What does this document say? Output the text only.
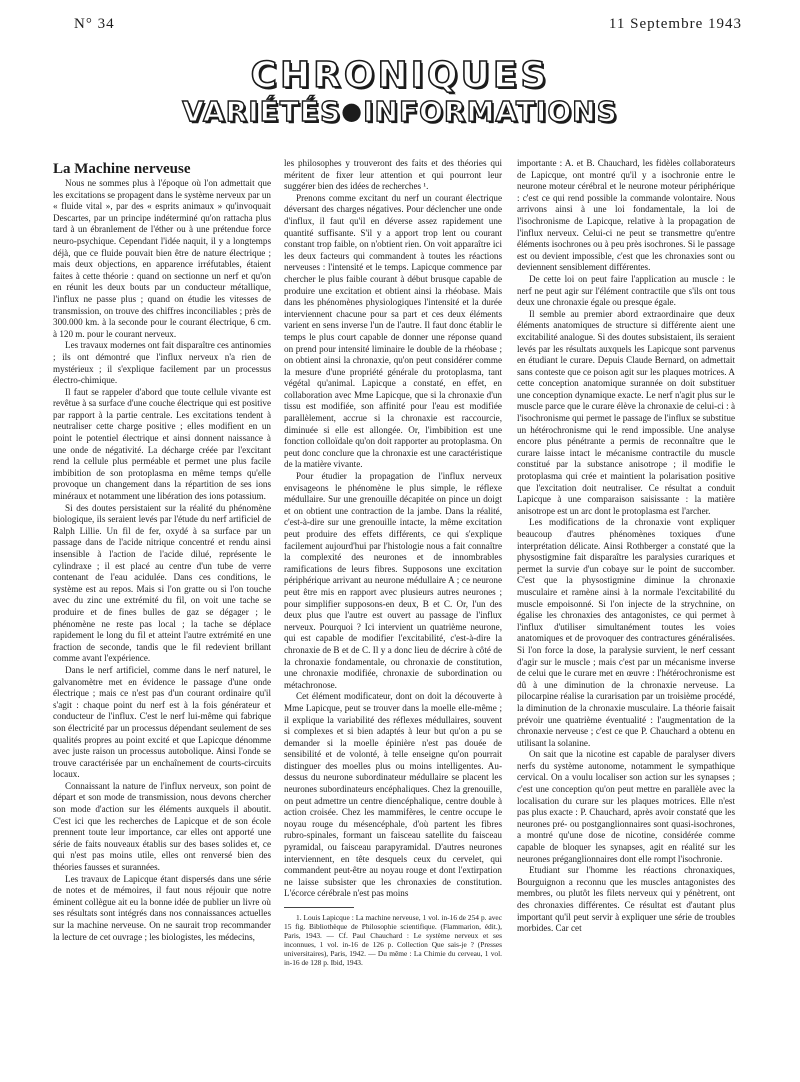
N° 34	11 Septembre 1943
CHRONIQUES
VARIÉTÉS●INFORMATIONS

La Machine nerveuse

Nous ne sommes plus à l'époque où l'on admettait que les excitations se propagent dans le système nerveux par un « fluide vital », par des « esprits animaux » qu'invoquait Descartes, par un principe indéterminé qu'on rattacha plus tard à un ébranlement de l'éther ou à une prétendue force neuro-psychique. Cependant l'idée naquit, il y a longtemps déjà, que ce fluide pouvait bien être de nature électrique ; mais deux objections, en apparence irréfutables, étaient faites à cette théorie : quand on sectionne un nerf et qu'on en réunit les deux bouts par un conducteur métallique, l'influx ne passe plus ; quand on étudie les vitesses de transmission, on trouve des chiffres inconciliables ; près de 300.000 km. à la seconde pour le courant électrique, 6 cm. à 120 m. pour le courant nerveux.

Les travaux modernes ont fait disparaître ces antinomies ; ils ont démontré que l'influx nerveux n'a rien de mystérieux ; il s'explique facilement par un processus électro-chimique.

Il faut se rappeler d'abord que toute cellule vivante est revêtue à sa surface d'une couche électrique qui est positive par rapport à la partie centrale. Les excitations tendent à neutraliser cette charge positive ; elles modifient en un point le potentiel électrique et ainsi donnent naissance à une onde de négativité. La décharge créée par l'excitant rend la cellule plus perméable et permet une plus facile imbibition de son protoplasma en même temps qu'elle provoque un changement dans la répartition de ses ions minéraux et notamment une libération des ions potassium.

Si des doutes persistaient sur la réalité du phénomène biologique, ils seraient levés par l'étude du nerf artificiel de Ralph Lillie. Un fil de fer, oxydé à sa surface par un passage dans de l'acide nitrique concentré et rendu ainsi insensible à l'action de l'acide dilué, représente le cylindraxe ; il est placé au centre d'un tube de verre contenant de l'eau acidulée. Dans ces conditions, le système est au repos. Mais si l'on gratte ou si l'on touche avec du zinc une extrémité du fil, on voit une tache se produire et de fines bulles de gaz se dégager ; le phénomène ne reste pas local ; la tache se déplace rapidement le long du fil et atteint l'autre extrémité en une fraction de seconde, tandis que le fil redevient brillant comme avant l'expérience.

Dans le nerf artificiel, comme dans le nerf naturel, le galvanomètre met en évidence le passage d'une onde électrique ; mais ce n'est pas d'un courant ordinaire qu'il s'agit : chaque point du nerf est à la fois générateur et conducteur de l'influx. C'est le nerf lui-même qui fabrique son électricité par un processus dépendant seulement de ses qualités propres au point excité et que Lapicque dénomme avec juste raison un processus autobolique. Ainsi l'onde se trouve caractérisée par un enchaînement de courts-circuits locaux.

Connaissant la nature de l'influx nerveux, son point de départ et son mode de transmission, nous devons chercher son mode d'action sur les éléments auxquels il aboutit. C'est ici que les recherches de Lapicque et de son école prennent toute leur importance, car elles ont apporté une série de faits nouveaux établis sur des bases solides et, ce qui n'est pas moins utile, elles ont renversé bien des théories fausses et surannées.

Les travaux de Lapicque étant dispersés dans une série de notes et de mémoires, il faut nous réjouir que notre éminent collègue ait eu la bonne idée de publier un livre où ses résultats sont intégrés dans nos connaissances actuelles sur la machine nerveuse. On ne saurait trop recommander la lecture de cet ouvrage ; les biologistes, les médecins,

les philosophes y trouveront des faits et des théories qui méritent de fixer leur attention et qui pourront leur suggérer bien des idées de recherches ¹.

Prenons comme excitant du nerf un courant électrique déversant des charges négatives. Pour déclencher une onde d'influx, il faut qu'il en déverse assez rapidement une quantité suffisante. S'il y a apport trop lent ou courant constant trop faible, on n'obtient rien. On voit apparaître ici les deux facteurs qui commandent à toutes les réactions nerveuses : l'intensité et le temps. Lapicque commence par chercher le plus faible courant à début brusque capable de produire une excitation et obtient ainsi la rhéobase. Mais dans les phénomènes physiologiques l'intensité et la durée interviennent chacune pour sa part et ces deux éléments varient en sens inverse l'un de l'autre. Il faut donc établir le temps le plus court capable de donner une réponse quand on prend pour intensité liminaire le double de la rhéobase ; on obtient ainsi la chronaxie, qu'on peut considérer comme la mesure d'une propriété générale du protoplasma, tant végétal qu'animal. Lapicque a constaté, en effet, en collaboration avec Mme Lapicque, que si la chronaxie d'un tissu est modifiée, son affinité pour l'eau est modifiée parallèlement, accrue si la chronaxie est raccourcie, diminuée si elle est allongée. Or, l'imbibition est une fonction colloïdale qu'on doit rapporter au protoplasma. On peut donc conclure que la chronaxie est une caractéristique de la matière vivante.

Pour étudier la propagation de l'influx nerveux envisageons le phénomène le plus simple, le réflexe médullaire. Sur une grenouille décapitée on pince un doigt et on obtient une contraction de la jambe. Dans la réalité, c'est-à-dire sur une grenouille intacte, la même excitation peut produire des effets différents, ce qui s'explique facilement aujourd'hui par l'histologie nous a fait connaître la complexité des neurones et de innombrables ramifications de leurs fibres. Supposons une excitation périphérique arrivant au neurone médullaire A ; ce neurone peut être mis en rapport avec plusieurs autres neurones ; pour simplifier supposons-en deux, B et C. Or, l'un des deux plus que l'autre est ouvert au passage de l'influx nerveux. Pourquoi ? Ici intervient un quatrième neurone, qui est capable de modifier l'excitabilité, c'est-à-dire la chronaxie de B et de C. Il y a donc lieu de décrire à côté de la chronaxie fondamentale, ou chronaxie de constitution, une chronaxie modifiée, chronaxie de subordination ou métachronose.

Cet élément modificateur, dont on doit la découverte à Mme Lapicque, peut se trouver dans la moelle elle-même ; il explique la variabilité des réflexes médullaires, souvent si complexes et si bien adaptés à leur but qu'on a pu se demander si la moelle épinière n'est pas douée de sensibilité et de volonté, à telle enseigne qu'on pourrait distinguer des moelles plus ou moins intelligentes. Au-dessus du neurone subordinateur médullaire se placent les neurones subordinateurs encéphaliques. Chez la grenouille, on peut admettre un centre diencéphalique, centre double à action croisée. Chez les mammifères, le centre occupe le noyau rouge du mésencéphale, d'où partent les fibres rubro-spinales, formant un faisceau satellite du faisceau pyramidal, ou faisceau parapyramidal. D'autres neurones interviennent, en tête desquels ceux du cervelet, qui commandent peut-être au noyau rouge et dont l'extirpation ne laisse subsister que les chronaxies de constitution. L'écorce cérébrale n'est pas moins

1. Louis Lapicque : La machine nerveuse, 1 vol. in-16 de 254 p. avec 15 fig. Bibliothèque de Philosophie scientifique. (Flammarion, édit.), Paris, 1943. — Cf. Paul Chauchard : Le système nerveux et ses inconnues, 1 vol. in-16 de 126 p. Collection Que sais-je ? (Presses universitaires), Paris, 1942. — Du même : La Chimie du cerveau, 1 vol. in-16 de 128 p. Ibid, 1943.

importante : A. et B. Chauchard, les fidèles collaborateurs de Lapicque, ont montré qu'il y a isochronie entre le neurone moteur cérébral et le neurone moteur périphérique : c'est ce qui rend possible la commande volontaire. Nous arrivons ainsi à une loi fondamentale, la loi de l'isochronisme de Lapicque, relative à la propagation de l'influx nerveux. Celui-ci ne peut se transmettre qu'entre éléments isochrones ou à peu près isochrones. Si le passage est ou devient impossible, c'est que les chronaxies sont ou deviennent sensiblement différentes.

De cette loi on peut faire l'application au muscle : le nerf ne peut agir sur l'élément contractile que s'ils ont tous deux une chronaxie égale ou presque égale.

Il semble au premier abord extraordinaire que deux éléments anatomiques de structure si différente aient une excitabilité analogue. Si des doutes subsistaient, ils seraient levés par les résultats auxquels les Lapicque sont parvenus en étudiant le curare. Depuis Claude Bernard, on admettait sans conteste que ce poison agit sur les plaques motrices. A cette conception anatomique surannée on doit substituer une conception dynamique exacte. Le nerf n'agit plus sur le muscle parce que le curare élève la chronaxie de celui-ci : à l'isochronisme qui permet le passage de l'influx se substitue un hétérochronisme qui le rend impossible. Une analyse encore plus pénétrante a permis de reconnaître que le curare laisse intact le mécanisme contractile du muscle constitué par la substance anisotrope ; il modifie le protoplasma qui crée et maintient la polarisation positive que l'excitation doit neutraliser. Ce résultat a conduit Lapicque à une comparaison saisissante : la matière anisotrope est un arc dont le protoplasma est l'archer.

Les modifications de la chronaxie vont expliquer beaucoup d'autres phénomènes toxiques d'une interprétation délicate. Ainsi Rothberger a constaté que la physostigmine fait disparaître les paralysies curariques et permet la survie d'un cobaye sur le point de succomber. C'est que la physostigmine diminue la chronaxie musculaire et ramène ainsi à la normale l'excitabilité du muscle empoisonné. Si l'on injecte de la strychnine, on égalise les chronaxies des antagonistes, ce qui permet à l'influx d'utiliser simultanément toutes les voies anatomiques et de provoquer des contractures généralisées. Si l'on force la dose, la paralysie survient, le nerf cessant d'agir sur le muscle ; mais c'est par un mécanisme inverse de celui que le curare met en œuvre : l'hétérochronisme est dû à une diminution de la chronaxie nerveuse. La pilocarpine réalise la curarisation par un troisième procédé, la diminution de la chronaxie musculaire. La théorie faisait prévoir une quatrième éventualité : l'augmentation de la chronaxie nerveuse ; c'est ce que P. Chauchard a obtenu en utilisant la solanine.

On sait que la nicotine est capable de paralyser divers nerfs du système autonome, notamment le sympathique cervical. On a voulu localiser son action sur les synapses ; c'est une conception qu'on peut mettre en parallèle avec la localisation du curare sur les plaques motrices. Elle n'est pas plus exacte : P. Chauchard, après avoir constaté que les neurones pré- ou postganglionnaires sont quasi-isochrones, a montré qu'une dose de nicotine, considérée comme capable de bloquer les synapses, agit en réalité sur les neurones préganglionnaires dont elle rompt l'isochronie.

Etudiant sur l'homme les réactions chronaxiques, Bourguignon a reconnu que les muscles antagonistes des membres, ou plutôt les filets nerveux qui y pénètrent, ont des chronaxies différentes. Ce résultat est d'autant plus important qu'il peut servir à expliquer une série de troubles morbides. Car cet
